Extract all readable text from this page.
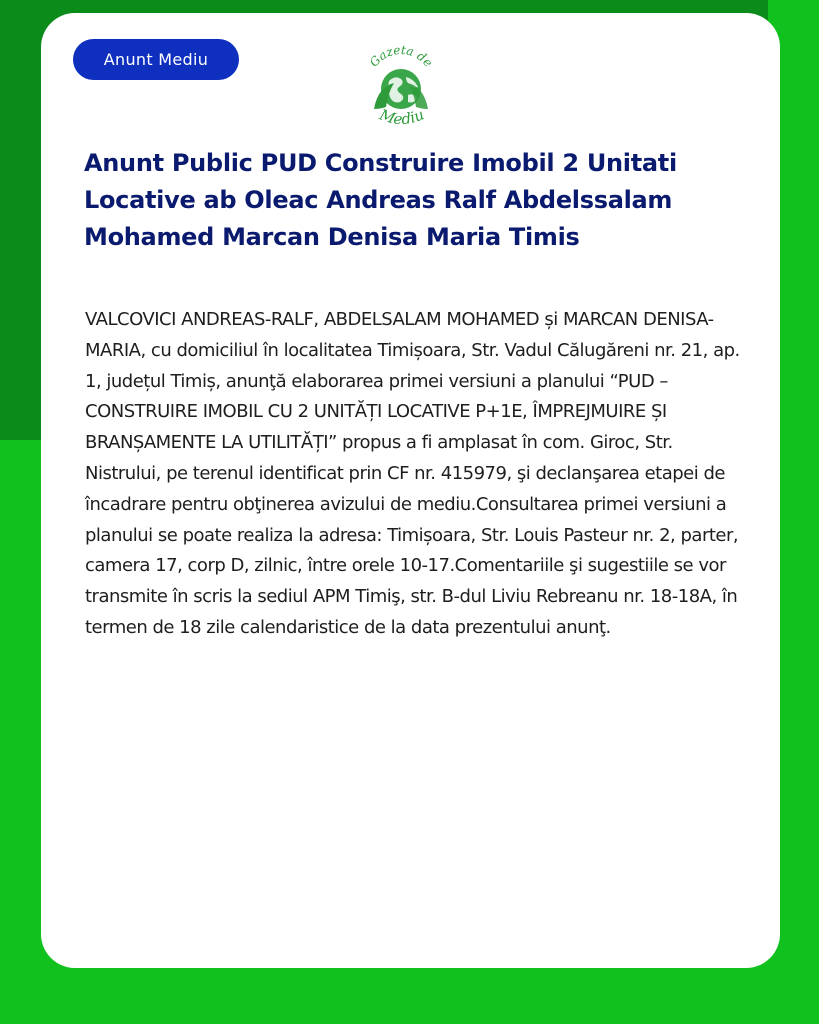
Anunt Mediu	Gazeta de
Mediu
Anunt Public PUD Construire Imobil 2 Unitati Locative ab Oleac Andreas Ralf Abdelssalam Mohamed Marcan Denisa Maria Timis

VALCOVICI ANDREAS-RALF, ABDELSALAM MOHAMED și MARCAN DENISA-MARIA, cu domiciliul în localitatea Timișoara, Str. Vadul Călugăreni nr. 21, ap. 1, județul Timiș, anunţă elaborarea primei versiuni a planului “PUD – CONSTRUIRE IMOBIL CU 2 UNITĂȚI LOCATIVE P+1E, ÎMPREJMUIRE ȘI BRANȘAMENTE LA UTILITĂȚI” propus a fi amplasat în com. Giroc, Str. Nistrului, pe terenul identificat prin CF nr. 415979, şi declanşarea etapei de încadrare pentru obţinerea avizului de mediu.Consultarea primei versiuni a planului se poate realiza la adresa: Timișoara, Str. Louis Pasteur nr. 2, parter, camera 17, corp D, zilnic, între orele 10-17.Comentariile şi sugestiile se vor transmite în scris la sediul APM Timiş, str. B-dul Liviu Rebreanu nr. 18-18A, în termen de 18 zile calendaristice de la data prezentului anunţ.
